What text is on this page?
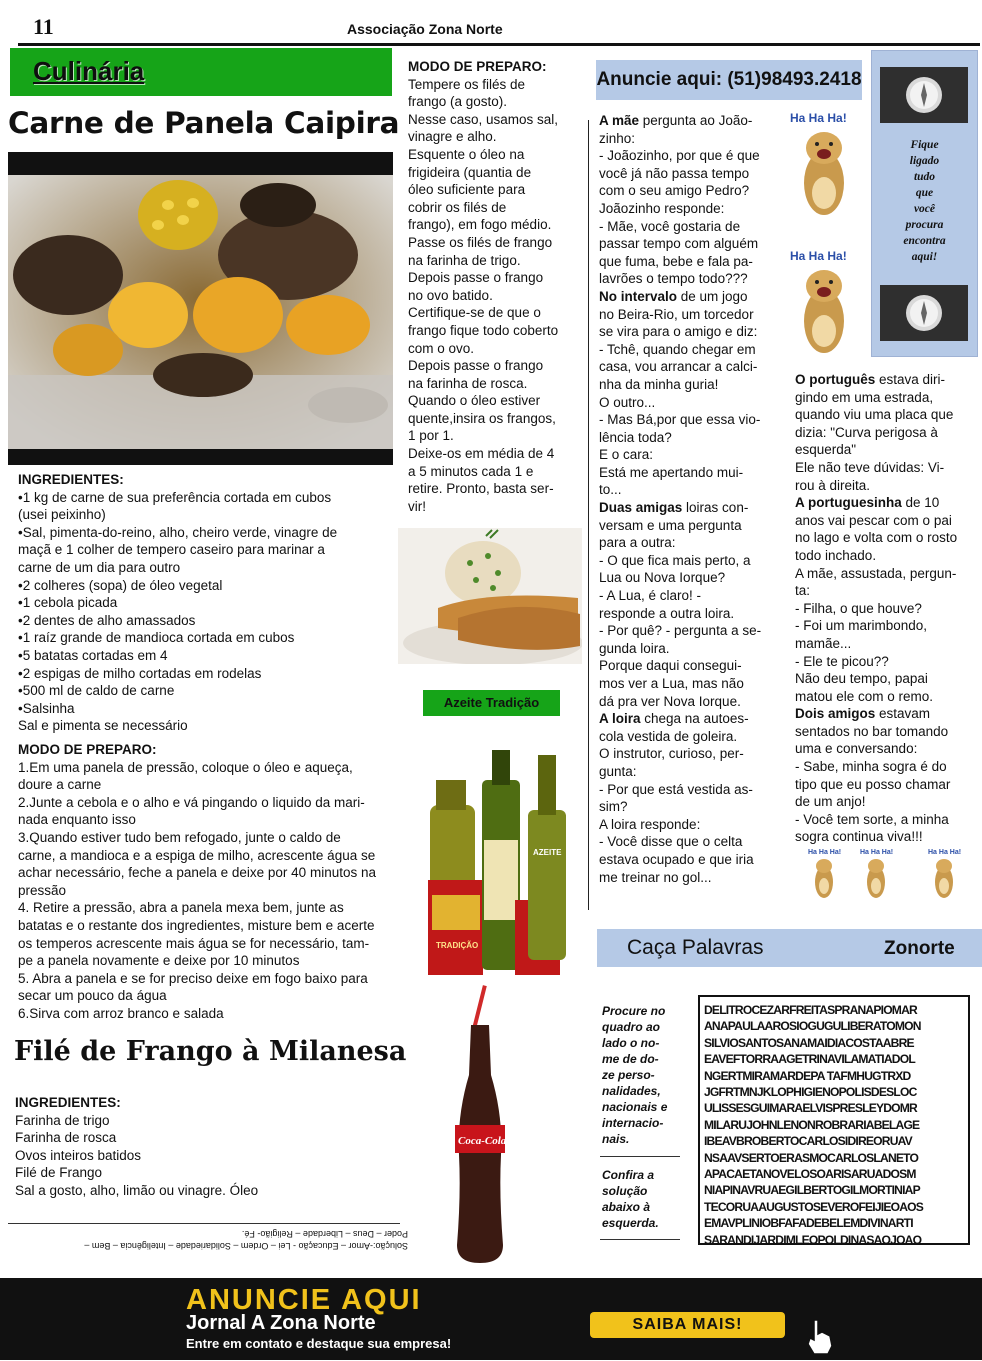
11	Associação Zona Norte
Culinária
Carne de Panela Caipira
INGREDIENTES:
•1 kg de carne de sua preferência cortada em cubos
(usei peixinho)
•Sal, pimenta-do-reino, alho, cheiro verde, vinagre de
maçã e 1 colher de tempero caseiro para marinar a
carne de um dia para outro
•2 colheres (sopa) de óleo vegetal
•1 cebola picada
•2 dentes de alho amassados
•1 raíz grande de mandioca cortada em cubos
•5 batatas cortadas em 4
•2 espigas de milho cortadas em rodelas
•500 ml de caldo de carne
•Salsinha
Sal e pimenta se necessário
MODO DE PREPARO:
1.Em uma panela de pressão, coloque o óleo e aqueça,
doure a carne
2.Junte a cebola e o alho e vá pingando o liquido da mari-
nada enquanto isso
3.Quando estiver tudo bem refogado, junte o caldo de
carne, a mandioca e a espiga de milho, acrescente água se
achar necessário, feche a panela e deixe por 40 minutos na
pressão
4. Retire a pressão, abra a panela mexa bem, junte as
batatas e o restante dos ingredientes, misture bem e acerte
os temperos acrescente mais água se for necessário, tam-
pe a panela novamente e deixe por 10 minutos
5. Abra a panela e se for preciso deixe em fogo baixo para
secar um pouco da água
6.Sirva com arroz branco e salada
Filé de Frango à Milanesa
INGREDIENTES:
Farinha de trigo
Farinha de rosca
Ovos inteiros batidos
Filé de Frango
Sal a gosto, alho, limão ou vinagre. Óleo
Solução:-Amor – Educação - Lei – Ordem – Solidariedade – Inteligência – Bem –
Poder – Deus – Liberdade – Religião- Fé.
MODO DE PREPARO:
Tempere os filés de
frango (a gosto).
Nesse caso, usamos sal,
vinagre e alho.
Esquente o óleo na
frigideira (quantia de
óleo suficiente para
cobrir os filés de
frango), em fogo médio.
Passe os filés de frango
na farinha de trigo.
Depois passe o frango
no ovo batido.
Certifique-se de que o
frango fique todo coberto
com o ovo.
Depois passe o frango
na farinha de rosca.
Quando o óleo estiver
quente,insira os frangos,
1 por 1.
Deixe-os em média de 4
a 5 minutos cada 1 e
retire. Pronto, basta ser-
vir!
Azeite Tradição
TRADIÇÃO
AZEITE
Coca-Cola
Anuncie aqui: (51)98493.2418
Fique
ligado
tudo
que
você
procura
encontra
aqui!
Ha Ha Ha!
Ha Ha Ha!
A mãe pergunta ao João-
zinho:
- Joãozinho, por que é que
você já não passa tempo
com o seu amigo Pedro?
Joãozinho responde:
- Mãe, você gostaria de
passar tempo com alguém
que fuma, bebe e fala pa-
lavrões o tempo todo???
No intervalo de um jogo
no Beira-Rio, um torcedor
se vira para o amigo e diz:
- Tchê, quando chegar em
casa, vou arrancar a calci-
nha da minha guria!
O outro...
- Mas Bá,por que essa vio-
lência toda?
E o cara:
Está me apertando mui-
to...
Duas amigas loiras con-
versam e uma pergunta
para a outra:
- O que fica mais perto, a
Lua ou Nova Iorque?
- A Lua, é claro! -
responde a outra loira.
- Por quê? - pergunta a se-
gunda loira.
Porque daqui consegui-
mos ver a Lua, mas não
dá pra ver Nova Iorque.
A loira chega na autoes-
cola vestida de goleira.
O instrutor, curioso, per-
gunta:
- Por que está vestida as-
sim?
A loira responde:
- Você disse que o celta
estava ocupado e que iria
me treinar no gol...
O português estava diri-
gindo em uma estrada,
quando viu uma placa que
dizia: "Curva perigosa à
esquerda"
Ele não teve dúvidas: Vi-
rou à direita.
A portuguesinha de 10
anos vai pescar com o pai
no lago e volta com o rosto
todo inchado.
A mãe, assustada, pergun-
ta:
- Filha, o que houve?
- Foi um marimbondo,
mamãe...
- Ele te picou??
Não deu tempo, papai
matou ele com o remo.
Dois amigos estavam
sentados no bar tomando
uma e conversando:
- Sabe, minha sogra é do
tipo que eu posso chamar
de um anjo!
- Você tem sorte, a minha
sogra continua viva!!!
Ha Ha Ha!	Ha Ha Ha!	Ha Ha Ha!
Caça Palavras	Zonorte
Procure no
quadro ao
lado o no-
me de do-
ze perso-
nalidades,
nacionais e
internacio-
nais.
Confira a
solução
abaixo à
esquerda.
DELITROCEZARFREITASPRANAPIOMAR
ANAPAULAAROSIOGUGULIBERATOMON
SILVIOSANTOSANAMAIDIACOSTAABRE
EAVEFTORRAAGETRINAVILAMATIADOL
NGERTMIRAMARDEPA TAFMHUGTRXD
JGFRTMNJKLOPHIGIENOPOLISDESLOC
ULISSESGUIMARAELVISPRESLEYDOMR
MILARUJOHNLENONROBRARIABELAGE
IBEAVBROBERTOCARLOSIDIREORUAV
NSAAVSERTOERASMOCARLOSLANETO
APACAETANOVELOSOARISARUADOSM
NIAPINAVRUAEGILBERTOGILMORTINIAP
TECORUAAUGUSTOSEVEROFEIJIEOAOS
EMAVPLINIOBFAFADEBELEMDIVINARTI
SARANDIJARDIMLEOPOLDINASAOJOAO
ANUNCIE AQUI
Jornal A Zona Norte
Entre em contato e destaque sua empresa!
SAIBA MAIS!
